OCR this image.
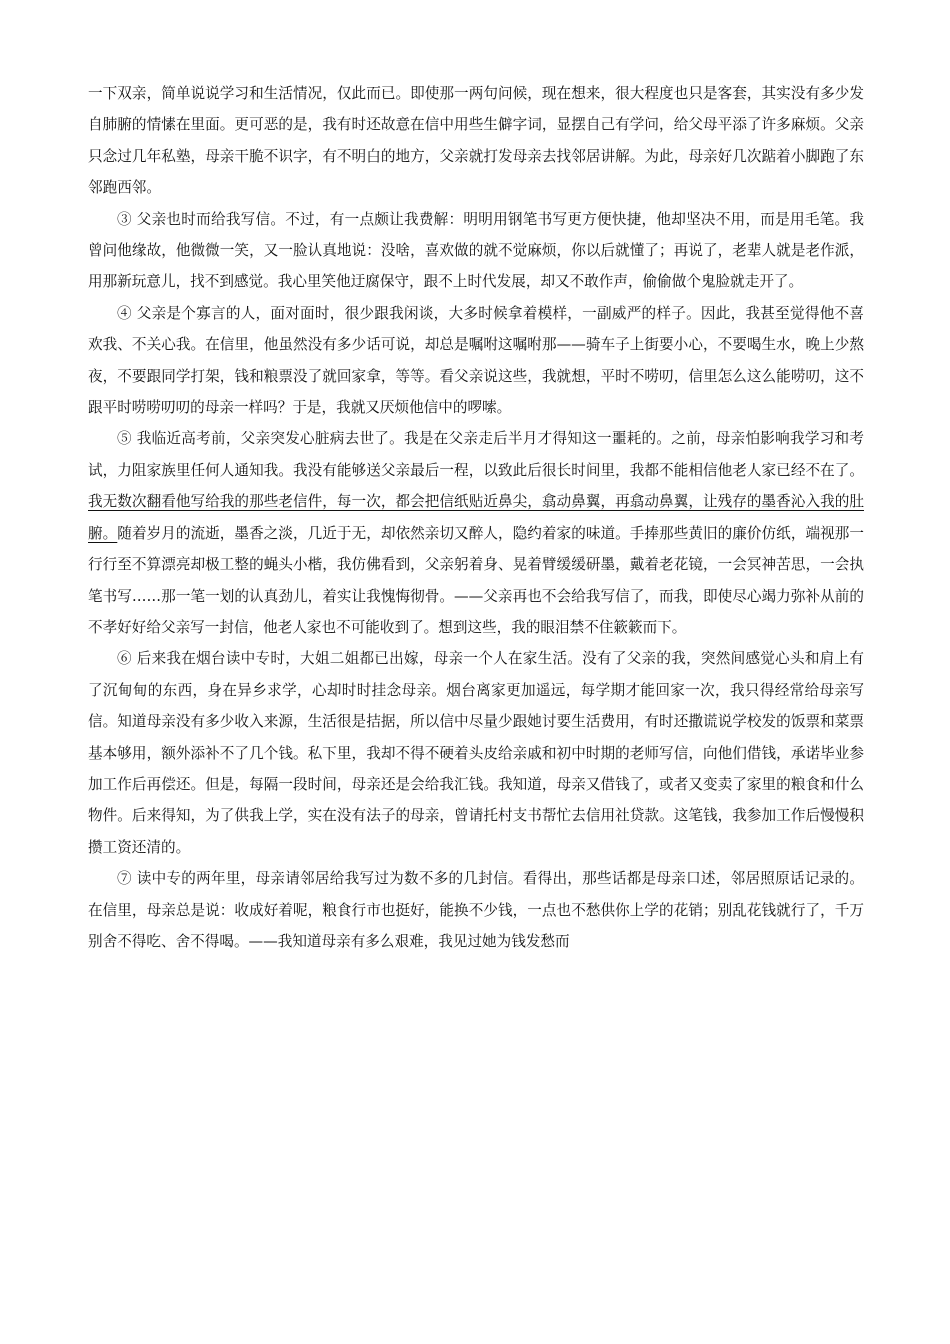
一下双亲，简单说说学习和生活情况，仅此而已。即使那一两句问候，现在想来，很大程度也只是客套，其实没有多少发自肺腑的情愫在里面。更可恶的是，我有时还故意在信中用些生僻字词，显摆自己有学问，给父母平添了许多麻烦。父亲只念过几年私塾，母亲干脆不识字，有不明白的地方，父亲就打发母亲去找邻居讲解。为此，母亲好几次踮着小脚跑了东邻跑西邻。

③ 父亲也时而给我写信。不过，有一点颇让我费解：明明用钢笔书写更方便快捷，他却坚决不用，而是用毛笔。我曾问他缘故，他微微一笑，又一脸认真地说：没啥，喜欢做的就不觉麻烦，你以后就懂了；再说了，老辈人就是老作派，用那新玩意儿，找不到感觉。我心里笑他迂腐保守，跟不上时代发展，却又不敢作声，偷偷做个鬼脸就走开了。

④ 父亲是个寡言的人，面对面时，很少跟我闲谈，大多时候拿着模样，一副威严的样子。因此，我甚至觉得他不喜欢我、不关心我。在信里，他虽然没有多少话可说，却总是嘱咐这嘱咐那——骑车子上街要小心，不要喝生水，晚上少熬夜，不要跟同学打架，钱和粮票没了就回家拿，等等。看父亲说这些，我就想，平时不唠叨，信里怎么这么能唠叨，这不跟平时唠唠叨叨的母亲一样吗？于是，我就又厌烦他信中的啰嗦。

⑤ 我临近高考前，父亲突发心脏病去世了。我是在父亲走后半月才得知这一噩耗的。之前，母亲怕影响我学习和考试，力阻家族里任何人通知我。我没有能够送父亲最后一程，以致此后很长时间里，我都不能相信他老人家已经不在了。我无数次翻看他写给我的那些老信件，每一次，都会把信纸贴近鼻尖，翕动鼻翼，再翕动鼻翼，让残存的墨香沁入我的肚腑。随着岁月的流逝，墨香之淡，几近于无，却依然亲切又醉人，隐约着家的味道。手捧那些黄旧的廉价仿纸，端视那一行行至不算漂亮却极工整的蝇头小楷，我仿佛看到，父亲躬着身、晃着臂缓缓研墨，戴着老花镜，一会冥神苦思，一会执笔书写……那一笔一划的认真劲儿，着实让我愧悔彻骨。——父亲再也不会给我写信了，而我，即使尽心竭力弥补从前的不孝好好给父亲写一封信，他老人家也不可能收到了。想到这些，我的眼泪禁不住簌簌而下。

⑥ 后来我在烟台读中专时，大姐二姐都已出嫁，母亲一个人在家生活。没有了父亲的我，突然间感觉心头和肩上有了沉甸甸的东西，身在异乡求学，心却时时挂念母亲。烟台离家更加遥远，每学期才能回家一次，我只得经常给母亲写信。知道母亲没有多少收入来源，生活很是拮据，所以信中尽量少跟她讨要生活费用，有时还撒谎说学校发的饭票和菜票基本够用，额外添补不了几个钱。私下里，我却不得不硬着头皮给亲戚和初中时期的老师写信，向他们借钱，承诺毕业参加工作后再偿还。但是，每隔一段时间，母亲还是会给我汇钱。我知道，母亲又借钱了，或者又变卖了家里的粮食和什么物件。后来得知，为了供我上学，实在没有法子的母亲，曾请托村支书帮忙去信用社贷款。这笔钱，我参加工作后慢慢积攒工资还清的。

⑦ 读中专的两年里，母亲请邻居给我写过为数不多的几封信。看得出，那些话都是母亲口述，邻居照原话记录的。在信里，母亲总是说：收成好着呢，粮食行市也挺好，能换不少钱，一点也不愁供你上学的花销；别乱花钱就行了，千万别舍不得吃、舍不得喝。——我知道母亲有多么艰难，我见过她为钱发愁而
